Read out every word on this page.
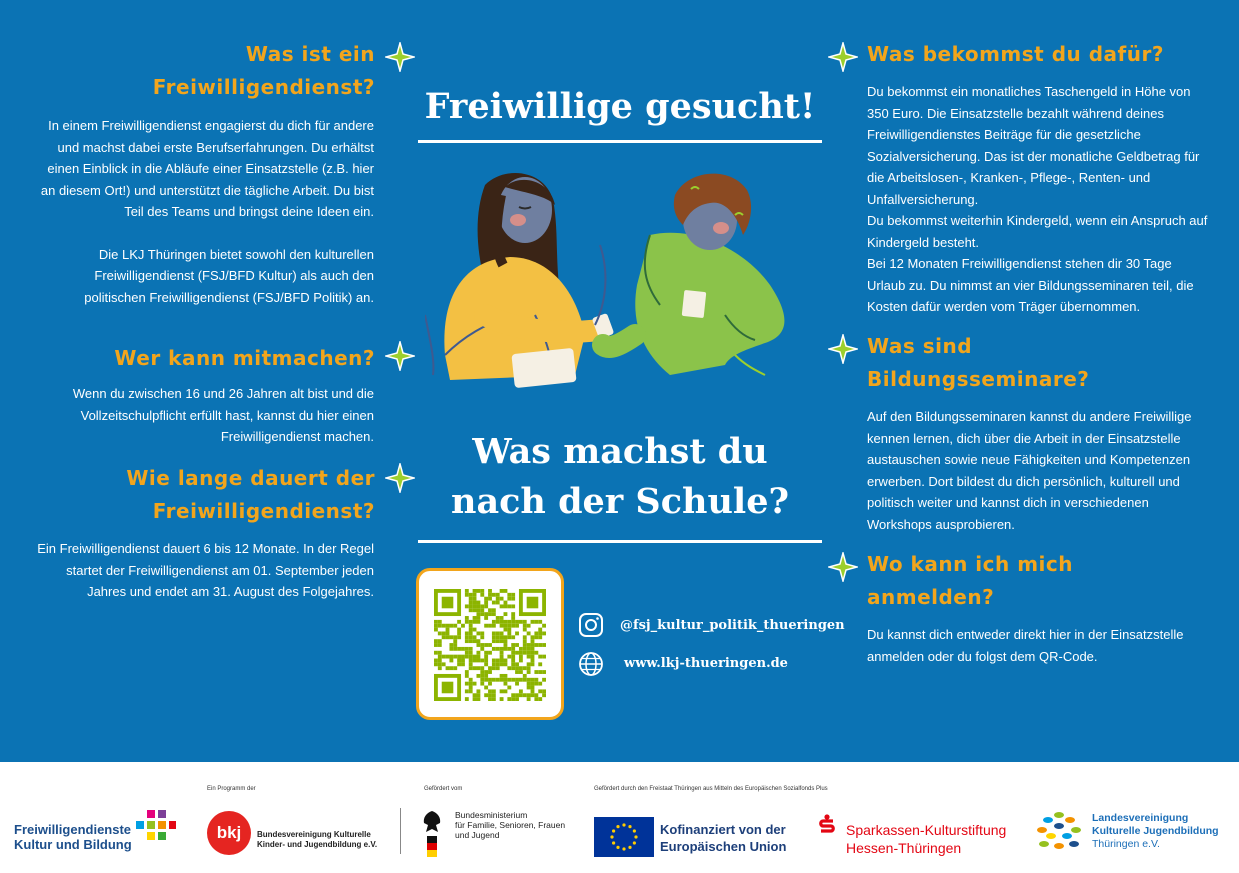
Was ist ein
Freiwilligendienst?

In einem Freiwilligendienst engagierst du dich für andere und machst dabei erste Berufserfahrungen. Du erhältst einen Einblick in die Abläufe einer Einsatzstelle (z.B. hier an diesem Ort!) und unterstützt die tägliche Arbeit. Du bist Teil des Teams und bringst deine Ideen ein.

Die LKJ Thüringen bietet sowohl den kulturellen Freiwilligendienst (FSJ/BFD Kultur) als auch den politischen Freiwilligendienst (FSJ/BFD Politik) an.

Wer kann mitmachen?

Wenn du zwischen 16 und 26 Jahren alt bist und die Vollzeitschulpflicht erfüllt hast, kannst du hier einen Freiwilligendienst machen.

Wie lange dauert der
Freiwilligendienst?

Ein Freiwilligendienst dauert 6 bis 12 Monate. In der Regel startet der Freiwilligendienst am 01. September jeden Jahres und endet am 31. August des Folgejahres.

Freiwillige gesucht!
Was machst du
nach der Schule?
@fsj_kultur_politik_thueringen
www.lkj-thueringen.de
Was bekommst du dafür?
Du bekommst ein monatliches Taschengeld in Höhe von 350 Euro. Die Einsatzstelle bezahlt während deines Freiwilligendienstes Beiträge für die gesetzliche Sozialversicherung. Das ist der monatliche Geldbetrag für die Arbeitslosen-, Kranken-, Pflege-, Renten- und Unfallversicherung.
Du bekommst weiterhin Kindergeld, wenn ein Anspruch auf Kindergeld besteht.
Bei 12 Monaten Freiwilligendienst stehen dir 30 Tage Urlaub zu. Du nimmst an vier Bildungsseminaren teil, die Kosten dafür werden vom Träger übernommen.
Was sind
Bildungsseminare?
Auf den Bildungsseminaren kannst du andere Freiwillige kennen lernen, dich über die Arbeit in der Einsatzstelle austauschen sowie neue Fähigkeiten und Kompetenzen erwerben. Dort bildest du dich persönlich, kulturell und politisch weiter und kannst dich in verschiedenen Workshops ausprobieren.
Wo kann ich mich
anmelden?
Du kannst dich entweder direkt hier in der Einsatzstelle anmelden oder du folgst dem QR-Code.
Ein Programm der	Gefördert vom	Gefördert durch den Freistaat Thüringen aus Mitteln des Europäischen Sozialfonds Plus
Freiwilligendienste
Kultur und Bildung
bkj	Bundesvereinigung Kulturelle
Kinder- und Jugendbildung e.V.
Bundesministerium
für Familie, Senioren, Frauen
und Jugend	Kofinanziert von der
Europäischen Union
Sparkassen-Kulturstiftung
Hessen-Thüringen
Landesvereinigung
Kulturelle Jugendbildung
Thüringen e.V.
